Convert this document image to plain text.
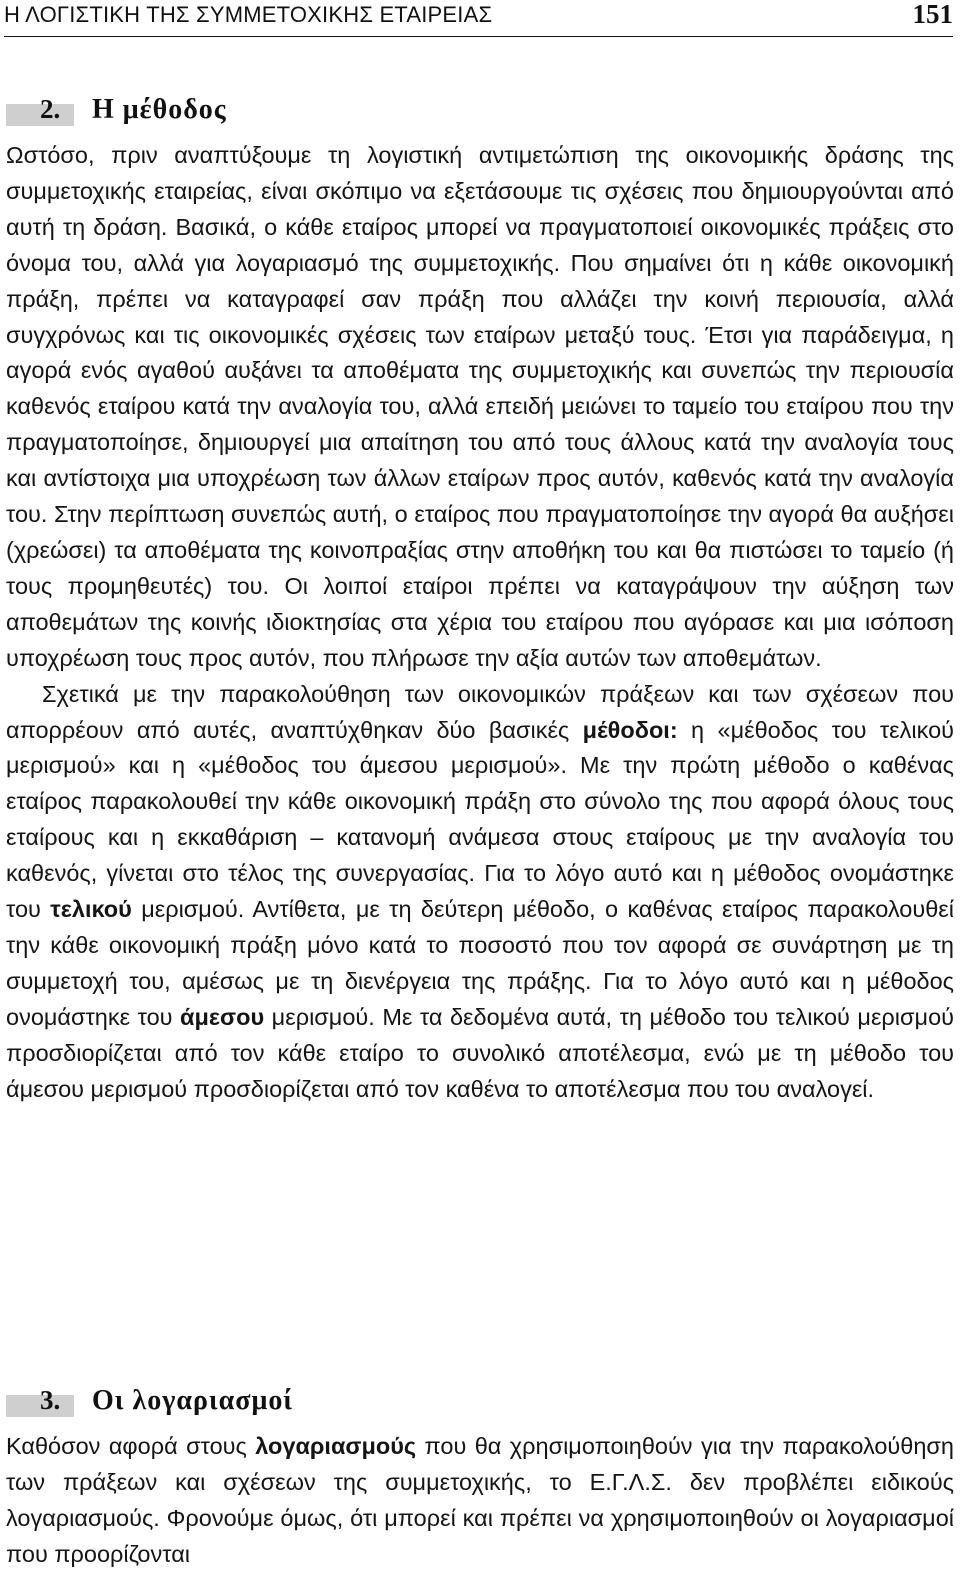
Η ΛΟΓΙΣΤΙΚΗ ΤΗΣ ΣΥΜΜΕΤΟΧΙΚΗΣ ΕΤΑΙΡΕΙΑΣ	151
2. Η μέθοδος

Ωστόσο, πριν αναπτύξουμε τη λογιστική αντιμετώπιση της οικονομικής δράσης της συμμετοχικής εταιρείας, είναι σκόπιμο να εξετάσουμε τις σχέσεις που δημιουργούνται από αυτή τη δράση. Βασικά, ο κάθε εταίρος μπορεί να πραγματοποιεί οικονομικές πράξεις στο όνομα του, αλλά για λογαριασμό της συμμετοχικής. Που σημαίνει ότι η κάθε οικονομική πράξη, πρέπει να καταγραφεί σαν πράξη που αλλάζει την κοινή περιουσία, αλλά συγχρόνως και τις οικονομικές σχέσεις των εταίρων μεταξύ τους. Έτσι για παράδειγμα, η αγορά ενός αγαθού αυξάνει τα αποθέματα της συμμετοχικής και συνεπώς την περιουσία καθενός εταίρου κατά την αναλογία του, αλλά επειδή μειώνει το ταμείο του εταίρου που την πραγματοποίησε, δημιουργεί μια απαίτηση του από τους άλλους κατά την αναλογία τους και αντίστοιχα μια υποχρέωση των άλλων εταίρων προς αυτόν, καθενός κατά την αναλογία του. Στην περίπτωση συνεπώς αυτή, ο εταίρος που πραγματοποίησε την αγορά θα αυξήσει (χρεώσει) τα αποθέματα της κοινοπραξίας στην αποθήκη του και θα πιστώσει το ταμείο (ή τους προμηθευτές) του. Οι λοιποί εταίροι πρέπει να καταγράψουν την αύξηση των αποθεμάτων της κοινής ιδιοκτησίας στα χέρια του εταίρου που αγόρασε και μια ισόποση υποχρέωση τους προς αυτόν, που πλήρωσε την αξία αυτών των αποθεμάτων.

Σχετικά με την παρακολούθηση των οικονομικών πράξεων και των σχέσεων που απορρέουν από αυτές, αναπτύχθηκαν δύο βασικές μέθοδοι: η «μέθοδος του τελικού μερισμού» και η «μέθοδος του άμεσου μερισμού». Με την πρώτη μέθοδο ο καθένας εταίρος παρακολουθεί την κάθε οικονομική πράξη στο σύνολο της που αφορά όλους τους εταίρους και η εκκαθάριση – κατανομή ανάμεσα στους εταίρους με την αναλογία του καθενός, γίνεται στο τέλος της συνεργασίας. Για το λόγο αυτό και η μέθοδος ονομάστηκε του τελικού μερισμού. Αντίθετα, με τη δεύτερη μέθοδο, ο καθένας εταίρος παρακολουθεί την κάθε οικονομική πράξη μόνο κατά το ποσοστό που τον αφορά σε συνάρτηση με τη συμμετοχή του, αμέσως με τη διενέργεια της πράξης. Για το λόγο αυτό και η μέθοδος ονομάστηκε του άμεσου μερισμού. Με τα δεδομένα αυτά, τη μέθοδο του τελικού μερισμού προσδιορίζεται από τον κάθε εταίρο το συνολικό αποτέλεσμα, ενώ με τη μέθοδο του άμεσου μερισμού προσδιορίζεται από τον καθένα το αποτέλεσμα που του αναλογεί.

3. Οι λογαριασμοί

Καθόσον αφορά στους λογαριασμούς που θα χρησιμοποιηθούν για την παρακολούθηση των πράξεων και σχέσεων της συμμετοχικής, το Ε.Γ.Λ.Σ. δεν προβλέπει ειδικούς λογαριασμούς. Φρονούμε όμως, ότι μπορεί και πρέπει να χρησιμοποιηθούν οι λογαριασμοί που προορίζονται
